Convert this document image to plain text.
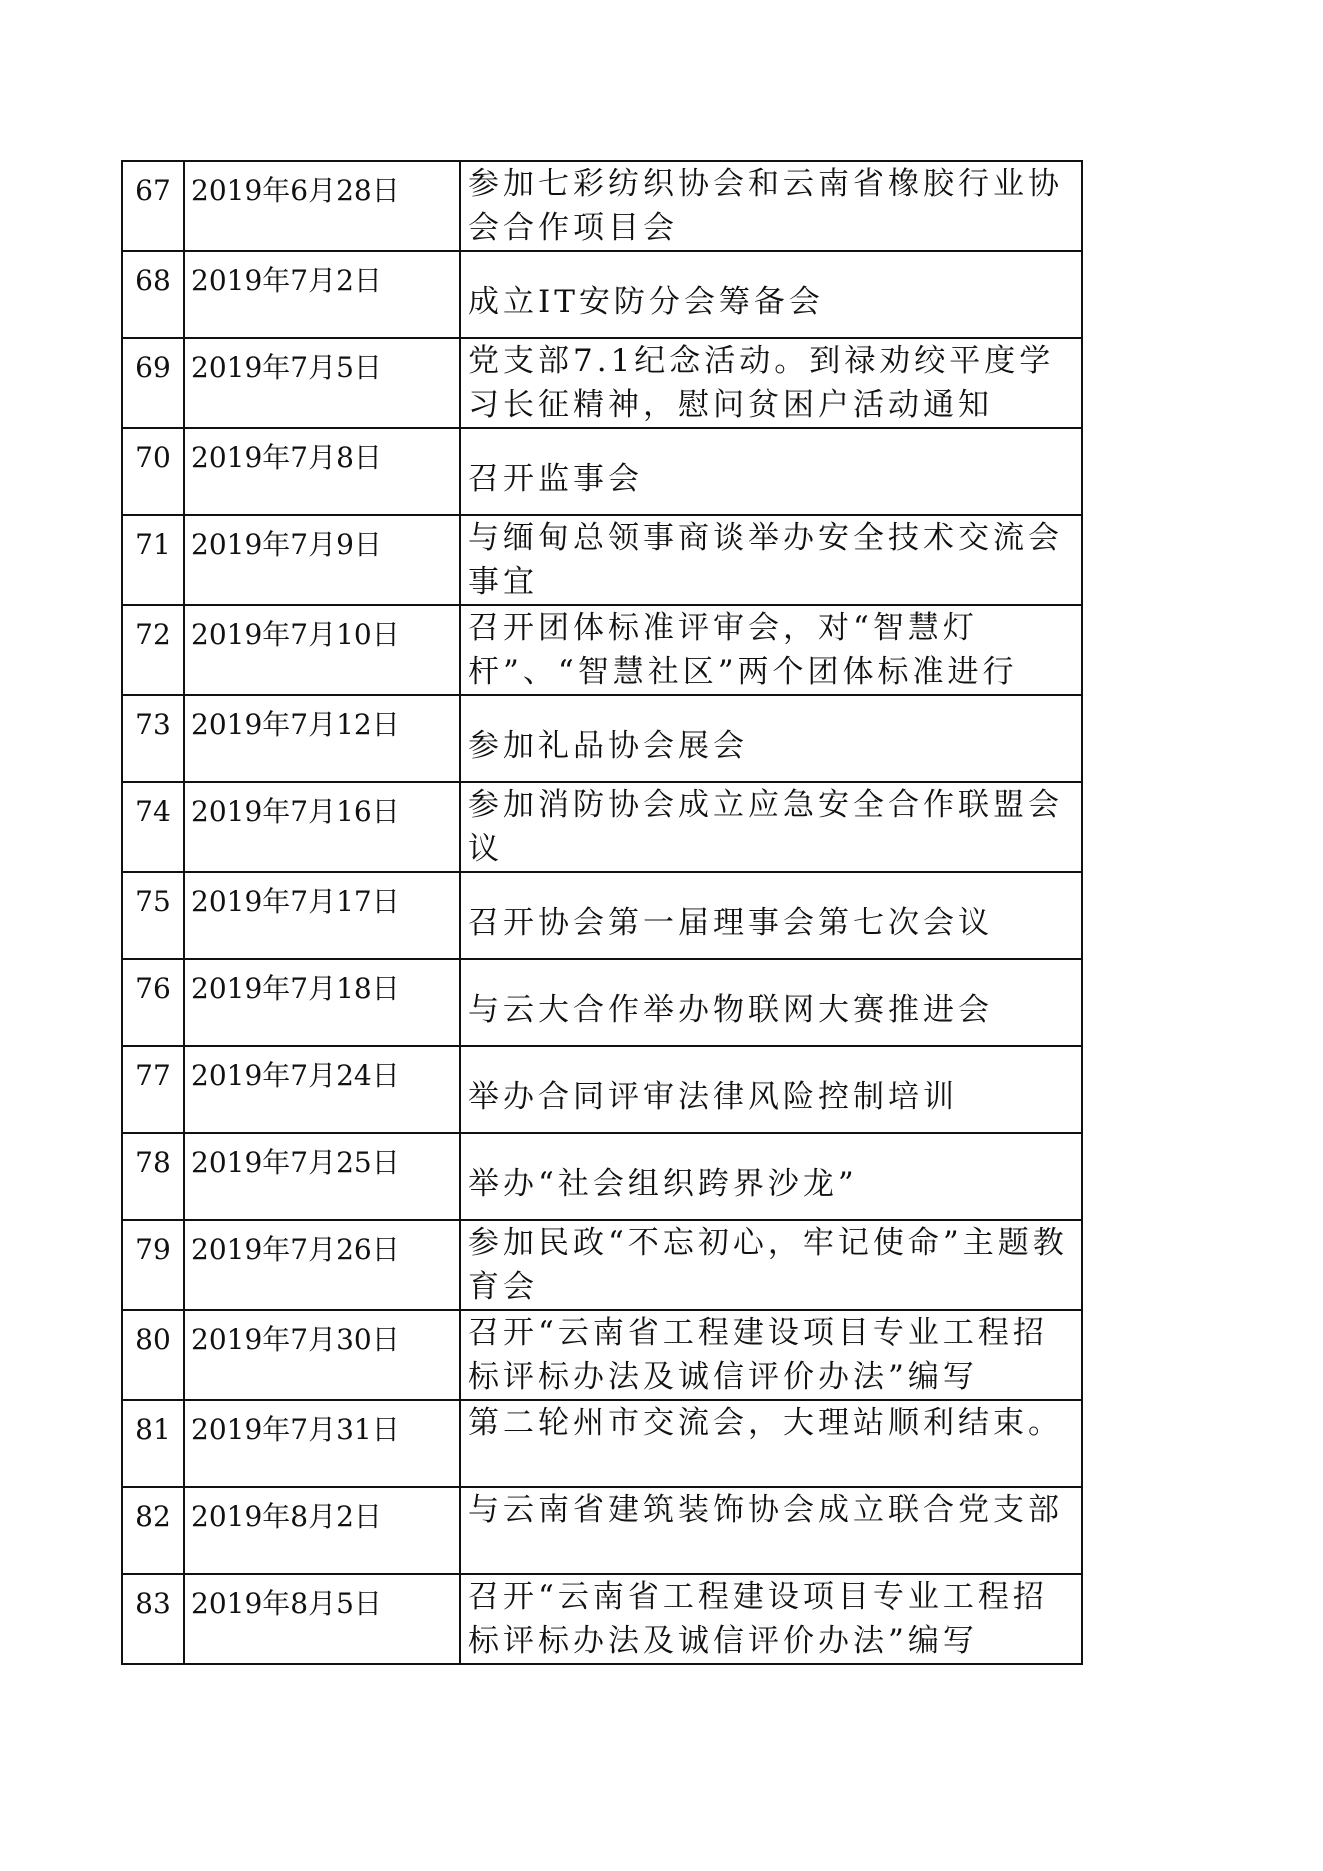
67	2019年6月28日	参加七彩纺织协会和云南省橡胶行业协会合作项目会
68	2019年7月2日	成立IT安防分会筹备会
69	2019年7月5日	党支部7.1纪念活动。到禄劝绞平度学习长征精神，慰问贫困户活动通知
70	2019年7月8日	召开监事会
71	2019年7月9日	与缅甸总领事商谈举办安全技术交流会事宜
72	2019年7月10日	召开团体标准评审会，对“智慧灯杆”、“智慧社区”两个团体标准进行
73	2019年7月12日	参加礼品协会展会
74	2019年7月16日	参加消防协会成立应急安全合作联盟会议
75	2019年7月17日	召开协会第一届理事会第七次会议
76	2019年7月18日	与云大合作举办物联网大赛推进会
77	2019年7月24日	举办合同评审法律风险控制培训
78	2019年7月25日	举办“社会组织跨界沙龙”
79	2019年7月26日	参加民政“不忘初心，牢记使命”主题教育会
80	2019年7月30日	召开“云南省工程建设项目专业工程招标评标办法及诚信评价办法”编写
81	2019年7月31日	第二轮州市交流会，大理站顺利结束。
82	2019年8月2日	与云南省建筑装饰协会成立联合党支部
83	2019年8月5日	召开“云南省工程建设项目专业工程招标评标办法及诚信评价办法”编写
